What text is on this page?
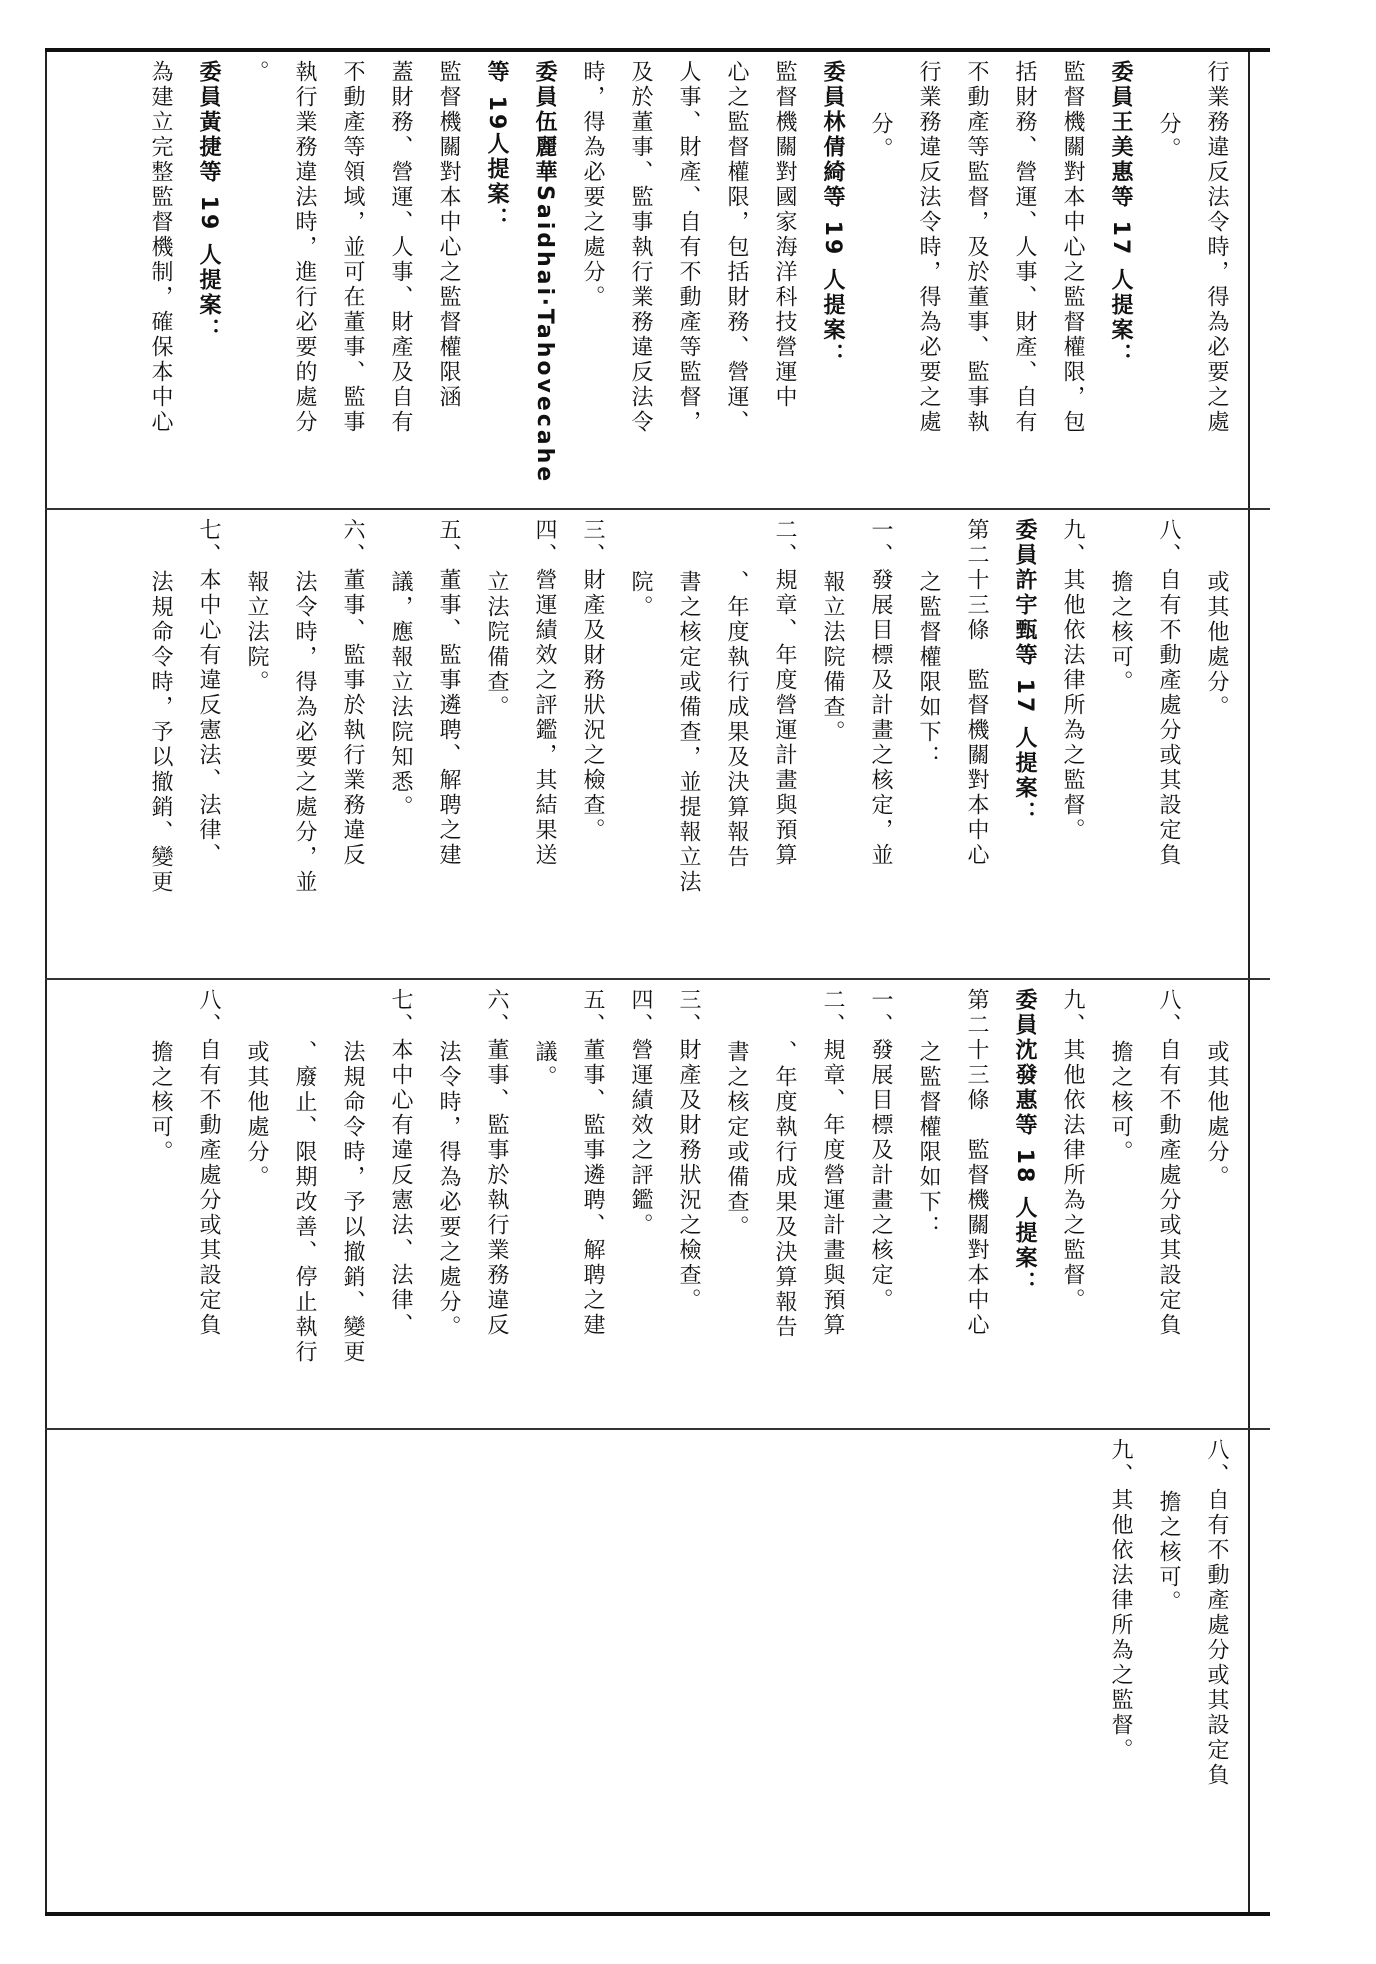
行業務違反法令時，得為必要之處

分。

委員王美惠等 17 人提案：

監督機關對本中心之監督權限，包

括財務、營運、人事、財產、自有

不動產等監督，及於董事、監事執

行業務違反法令時，得為必要之處

分。

委員林倩綺等 19 人提案：

監督機關對國家海洋科技營運中

心之監督權限，包括財務、營運、

人事、財產、自有不動產等監督，

及於董事、監事執行業務違反法令

時，得為必要之處分。

委員伍麗華Saidhai‧Tahovecahe

等 19人提案：

監督機關對本中心之監督權限涵

蓋財務、營運、人事、財產及自有

不動產等領域，並可在董事、監事

執行業務違法時，進行必要的處分

。

委員黃捷等 19 人提案：

為建立完整監督機制，確保本中心

或其他處分。

八、自有不動產處分或其設定負

擔之核可。

九、其他依法律所為之監督。

委員許宇甄等 17 人提案：

第二十三條　監督機關對本中心

之監督權限如下：

一、發展目標及計畫之核定，並

報立法院備查。

二、規章、年度營運計畫與預算

、年度執行成果及決算報告

書之核定或備查，並提報立法

院。

三、財產及財務狀況之檢查。

四、營運績效之評鑑，其結果送

立法院備查。

五、董事、監事遴聘、解聘之建

議，應報立法院知悉。

六、董事、監事於執行業務違反

法令時，得為必要之處分，並

報立法院。

七、本中心有違反憲法、法律、

法規命令時，予以撤銷、變更

或其他處分。

八、自有不動產處分或其設定負

擔之核可。

九、其他依法律所為之監督。

委員沈發惠等 18 人提案：

第二十三條　監督機關對本中心

之監督權限如下：

一、發展目標及計畫之核定。

二、規章、年度營運計畫與預算

、年度執行成果及決算報告

書之核定或備查。

三、財產及財務狀況之檢查。

四、營運績效之評鑑。

五、董事、監事遴聘、解聘之建

議。

六、董事、監事於執行業務違反

法令時，得為必要之處分。

七、本中心有違反憲法、法律、

法規命令時，予以撤銷、變更

、廢止、限期改善、停止執行

或其他處分。

八、自有不動產處分或其設定負

擔之核可。

八、自有不動產處分或其設定負

擔之核可。

九、其他依法律所為之監督。
